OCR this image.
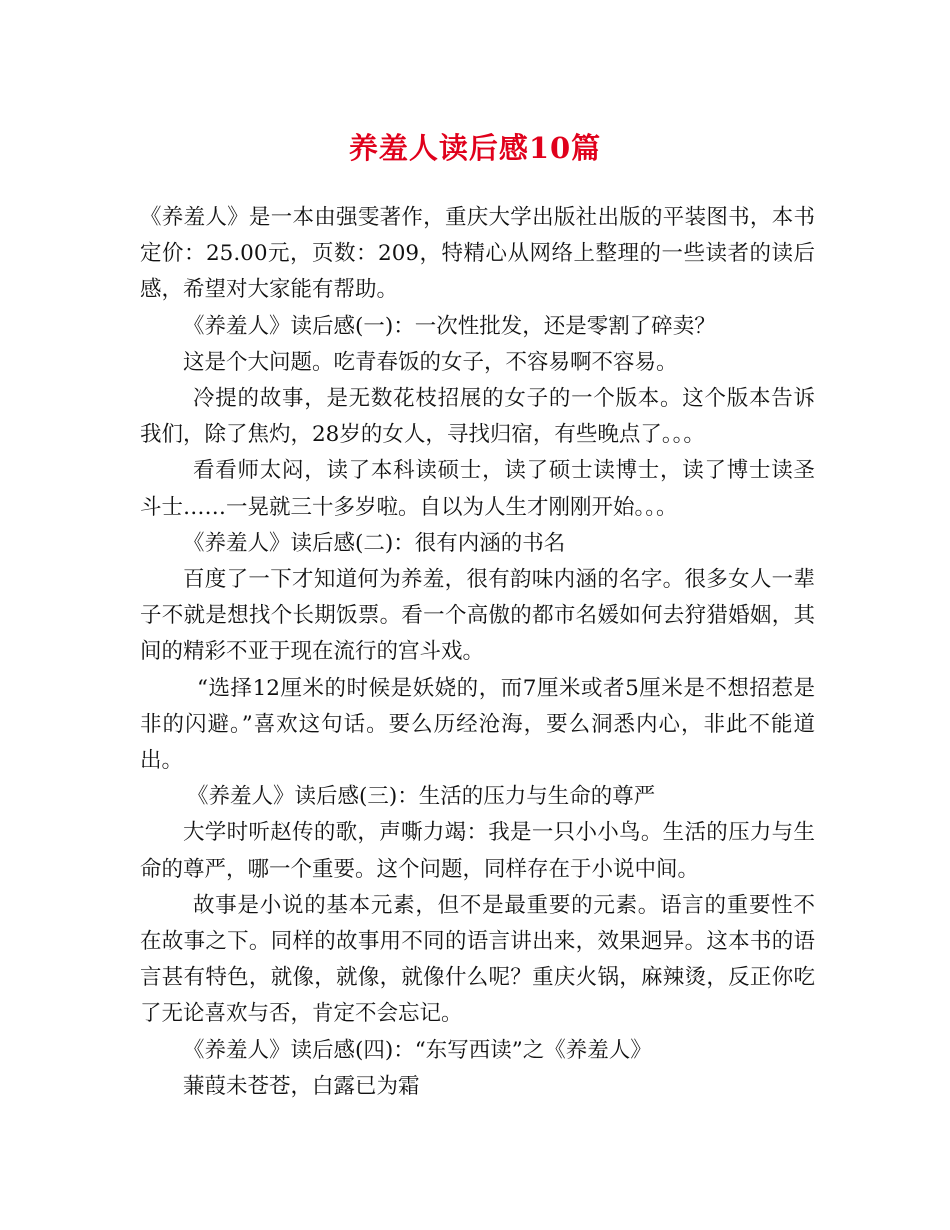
养羞人读后感10篇

《养羞人》是一本由强雯著作，重庆大学出版社出版的平装图书，本书定价：25.00元，页数：209，特精心从网络上整理的一些读者的读后感，希望对大家能有帮助。

《养羞人》读后感(一)：一次性批发，还是零割了碎卖？

这是个大问题。吃青春饭的女子，不容易啊不容易。

冷提的故事，是无数花枝招展的女子的一个版本。这个版本告诉我们，除了焦灼，28岁的女人，寻找归宿，有些晚点了。。。

看看师太闷，读了本科读硕士，读了硕士读博士，读了博士读圣斗士……一晃就三十多岁啦。自以为人生才刚刚开始。。。

《养羞人》读后感(二)：很有内涵的书名

百度了一下才知道何为养羞，很有韵味内涵的名字。很多女人一辈子不就是想找个长期饭票。看一个高傲的都市名媛如何去狩猎婚姻，其间的精彩不亚于现在流行的宫斗戏。

“选择12厘米的时候是妖娆的，而7厘米或者5厘米是不想招惹是非的闪避。”喜欢这句话。要么历经沧海，要么洞悉内心，非此不能道出。

《养羞人》读后感(三)：生活的压力与生命的尊严

大学时听赵传的歌，声嘶力竭：我是一只小小鸟。生活的压力与生命的尊严，哪一个重要。这个问题，同样存在于小说中间。

故事是小说的基本元素，但不是最重要的元素。语言的重要性不在故事之下。同样的故事用不同的语言讲出来，效果迥异。这本书的语言甚有特色，就像，就像，就像什么呢？重庆火锅，麻辣烫，反正你吃了无论喜欢与否，肯定不会忘记。

《养羞人》读后感(四)：“东写西读”之《养羞人》

蒹葭未苍苍，白露已为霜
